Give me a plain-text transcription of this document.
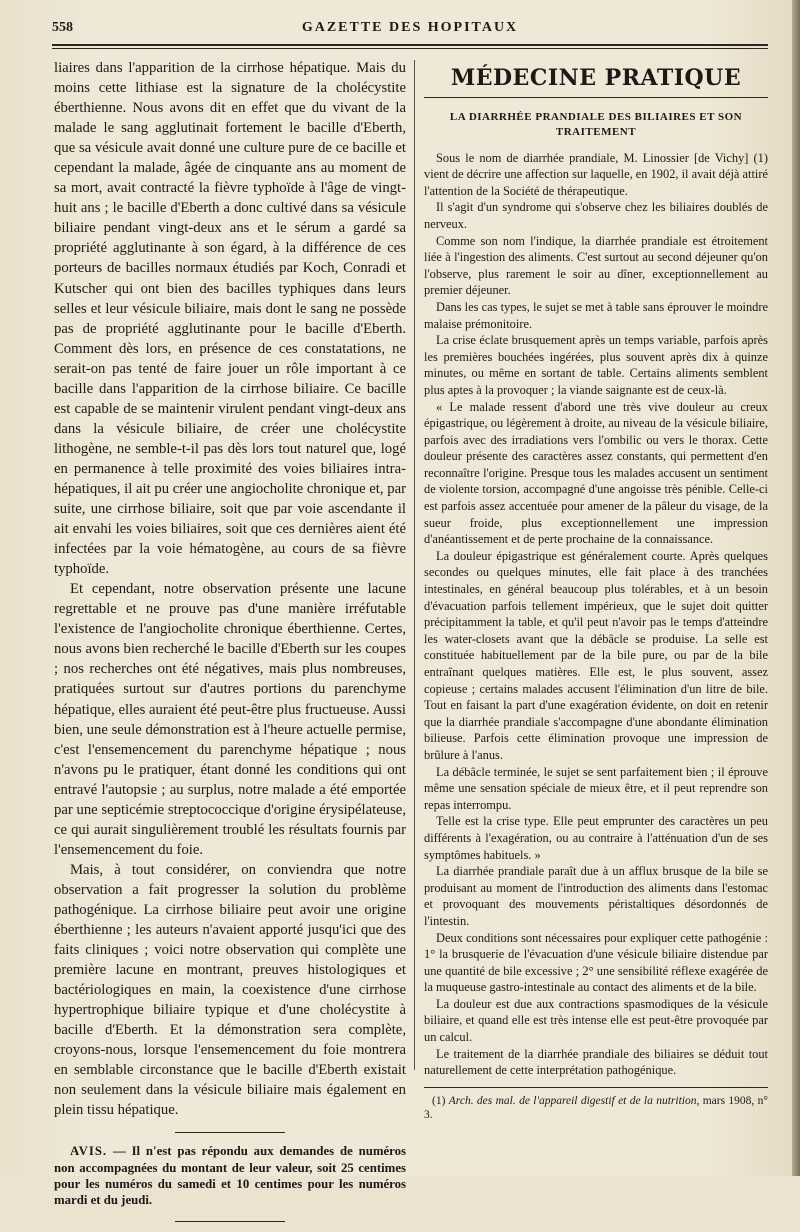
558	GAZETTE DES HOPITAUX

liaires dans l'apparition de la cirrhose hépatique. Mais du moins cette lithiase est la signature de la cholécystite éberthienne. Nous avons dit en effet que du vivant de la malade le sang agglutinait fortement le bacille d'Eberth, que sa vésicule avait donné une culture pure de ce bacille et cependant la malade, âgée de cinquante ans au moment de sa mort, avait contracté la fièvre typhoïde à l'âge de vingt-huit ans ; le bacille d'Eberth a donc cultivé dans sa vésicule biliaire pendant vingt-deux ans et le sérum a gardé sa propriété agglutinante à son égard, à la différence de ces porteurs de bacilles normaux étudiés par Koch, Conradi et Kutscher qui ont bien des bacilles typhiques dans leurs selles et leur vésicule biliaire, mais dont le sang ne possède pas de propriété agglutinante pour le bacille d'Eberth. Comment dès lors, en présence de ces constatations, ne serait-on pas tenté de faire jouer un rôle important à ce bacille dans l'apparition de la cirrhose biliaire. Ce bacille est capable de se maintenir virulent pendant vingt-deux ans dans la vésicule biliaire, de créer une cholécystite lithogène, ne semble-t-il pas dès lors tout naturel que, logé en permanence à telle proximité des voies biliaires intra-hépatiques, il ait pu créer une angiocholite chronique et, par suite, une cirrhose biliaire, soit que par voie ascendante il ait envahi les voies biliaires, soit que ces dernières aient été infectées par la voie hématogène, au cours de sa fièvre typhoïde.

Et cependant, notre observation présente une lacune regrettable et ne prouve pas d'une manière irréfutable l'existence de l'angiocholite chronique éberthienne. Certes, nous avons bien recherché le bacille d'Eberth sur les coupes ; nos recherches ont été négatives, mais plus nombreuses, pratiquées surtout sur d'autres portions du parenchyme hépatique, elles auraient été peut-être plus fructueuse. Aussi bien, une seule démonstration est à l'heure actuelle permise, c'est l'ensemencement du parenchyme hépatique ; nous n'avons pu le pratiquer, étant donné les conditions qui ont entravé l'autopsie ; au surplus, notre malade a été emportée par une septicémie streptococcique d'origine érysipélateuse, ce qui aurait singulièrement troublé les résultats fournis par l'ensemencement du foie.

Mais, à tout considérer, on conviendra que notre observation a fait progresser la solution du problème pathogénique. La cirrhose biliaire peut avoir une origine éberthienne ; les auteurs n'avaient apporté jusqu'ici que des faits cliniques ; voici notre observation qui complète une première lacune en montrant, preuves histologiques et bactériologiques en main, la coexistence d'une cirrhose hypertrophique biliaire typique et d'une cholécystite à bacille d'Eberth. Et la démonstration sera complète, croyons-nous, lorsque l'ensemencement du foie montrera en semblable circonstance que le bacille d'Eberth existait non seulement dans la vésicule biliaire mais également en plein tissu hépatique.

AVIS. — Il n'est pas répondu aux demandes de numéros non accompagnées du montant de leur valeur, soit 25 centimes pour les numéros du samedi et 10 centimes pour les numéros mardi et du jeudi.

MÉDECINE PRATIQUE
LA DIARRHÉE PRANDIALE DES BILIAIRES ET SON TRAITEMENT

Sous le nom de diarrhée prandiale, M. Linossier [de Vichy] (1) vient de décrire une affection sur laquelle, en 1902, il avait déjà attiré l'attention de la Société de thérapeutique.

Il s'agit d'un syndrome qui s'observe chez les biliaires doublés de nerveux.

Comme son nom l'indique, la diarrhée prandiale est étroitement liée à l'ingestion des aliments. C'est surtout au second déjeuner qu'on l'observe, plus rarement le soir au dîner, exceptionnellement au premier déjeuner.

Dans les cas types, le sujet se met à table sans éprouver le moindre malaise prémonitoire.

La crise éclate brusquement après un temps variable, parfois après les premières bouchées ingérées, plus souvent après dix à quinze minutes, ou même en sortant de table. Certains aliments semblent plus aptes à la provoquer ; la viande saignante est de ceux-là.

« Le malade ressent d'abord une très vive douleur au creux épigastrique, ou légèrement à droite, au niveau de la vésicule biliaire, parfois avec des irradiations vers l'ombilic ou vers le thorax. Cette douleur présente des caractères assez constants, qui permettent d'en reconnaître l'origine. Presque tous les malades accusent un sentiment de violente torsion, accompagné d'une angoisse très pénible. Celle-ci est parfois assez accentuée pour amener de la pâleur du visage, de la sueur froide, plus exceptionnellement une impression d'anéantissement et de perte prochaine de la connaissance.

La douleur épigastrique est généralement courte. Après quelques secondes ou quelques minutes, elle fait place à des tranchées intestinales, en général beaucoup plus tolérables, et à un besoin d'évacuation parfois tellement impérieux, que le sujet doit quitter précipitamment la table, et qu'il peut n'avoir pas le temps d'atteindre les water-closets avant que la débâcle se produise. La selle est constituée habituellement par de la bile pure, ou par de la bile entraînant quelques matières. Elle est, le plus souvent, assez copieuse ; certains malades accusent l'élimination d'un litre de bile. Tout en faisant la part d'une exagération évidente, on doit en retenir que la diarrhée prandiale s'accompagne d'une abondante élimination bilieuse. Parfois cette élimination provoque une impression de brûlure à l'anus.

La débâcle terminée, le sujet se sent parfaitement bien ; il éprouve même une sensation spéciale de mieux être, et il peut reprendre son repas interrompu.

Telle est la crise type. Elle peut emprunter des caractères un peu différents à l'exagération, ou au contraire à l'atténuation d'un de ses symptômes habituels. »

La diarrhée prandiale paraît due à un afflux brusque de la bile se produisant au moment de l'introduction des aliments dans l'estomac et provoquant des mouvements péristaltiques désordonnés de l'intestin.

Deux conditions sont nécessaires pour expliquer cette pathogénie : 1° la brusquerie de l'évacuation d'une vésicule biliaire distendue par une quantité de bile excessive ; 2° une sensibilité réflexe exagérée de la muqueuse gastro-intestinale au contact des aliments et de la bile.

La douleur est due aux contractions spasmodiques de la vésicule biliaire, et quand elle est très intense elle est peut-être provoquée par un calcul.

Le traitement de la diarrhée prandiale des biliaires se déduit tout naturellement de cette interprétation pathogénique.

(1) Arch. des mal. de l'appareil digestif et de la nutrition, mars 1908, n° 3.
